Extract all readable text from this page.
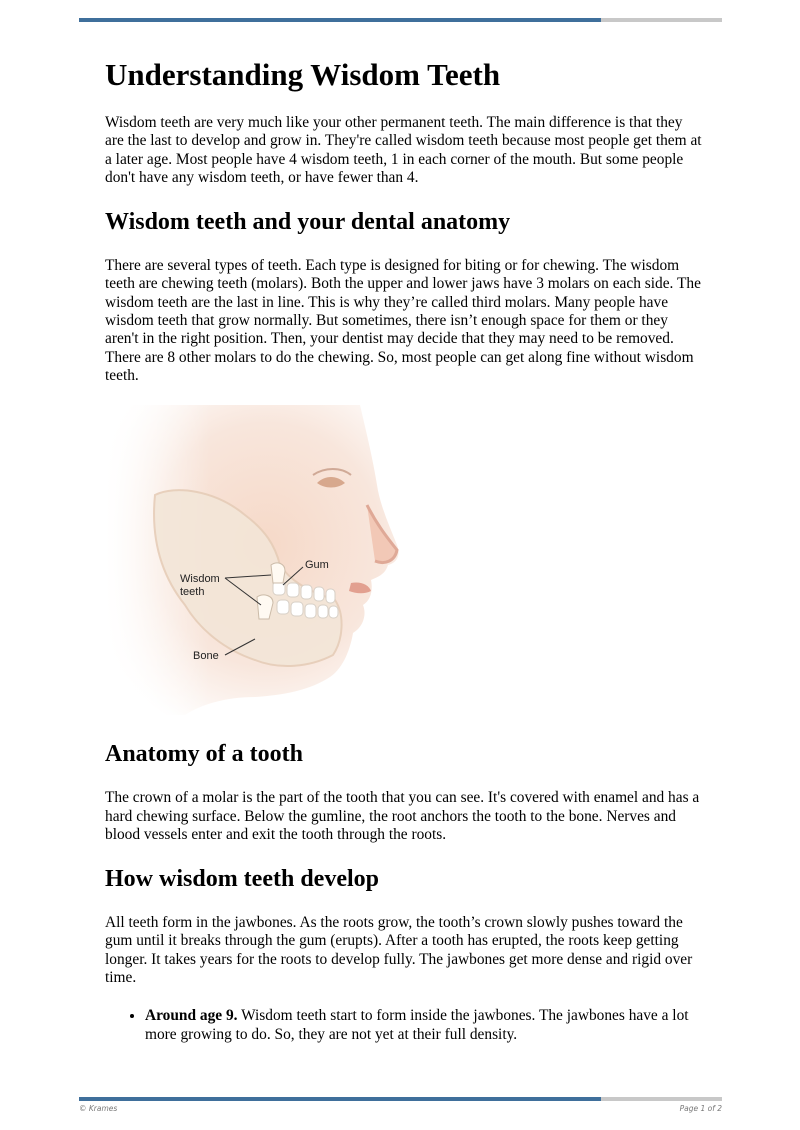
Understanding Wisdom Teeth

Wisdom teeth are very much like your other permanent teeth. The main difference is that they are the last to develop and grow in. They're called wisdom teeth because most people get them at a later age. Most people have 4 wisdom teeth, 1 in each corner of the mouth. But some people don't have any wisdom teeth, or have fewer than 4.

Wisdom teeth and your dental anatomy

There are several types of teeth. Each type is designed for biting or for chewing. The wisdom teeth are chewing teeth (molars). Both the upper and lower jaws have 3 molars on each side. The wisdom teeth are the last in line. This is why they’re called third molars. Many people have wisdom teeth that grow normally. But sometimes, there isn’t enough space for them or they aren't in the right position. Then, your dentist may decide that they may need to be removed. There are 8 other molars to do the chewing. So, most people can get along fine without wisdom teeth.

Gum
Wisdom
teeth
Bone
Anatomy of a tooth

The crown of a molar is the part of the tooth that you can see. It's covered with enamel and has a hard chewing surface. Below the gumline, the root anchors the tooth to the bone. Nerves and blood vessels enter and exit the tooth through the roots.

How wisdom teeth develop

All teeth form in the jawbones. As the roots grow, the tooth’s crown slowly pushes toward the gum until it breaks through the gum (erupts). After a tooth has erupted, the roots keep getting longer. It takes years for the roots to develop fully. The jawbones get more dense and rigid over time.

• Around age 9. Wisdom teeth start to form inside the jawbones. The jawbones have a lot more growing to do. So, they are not yet at their full density.
© Krames	Page 1 of 2
